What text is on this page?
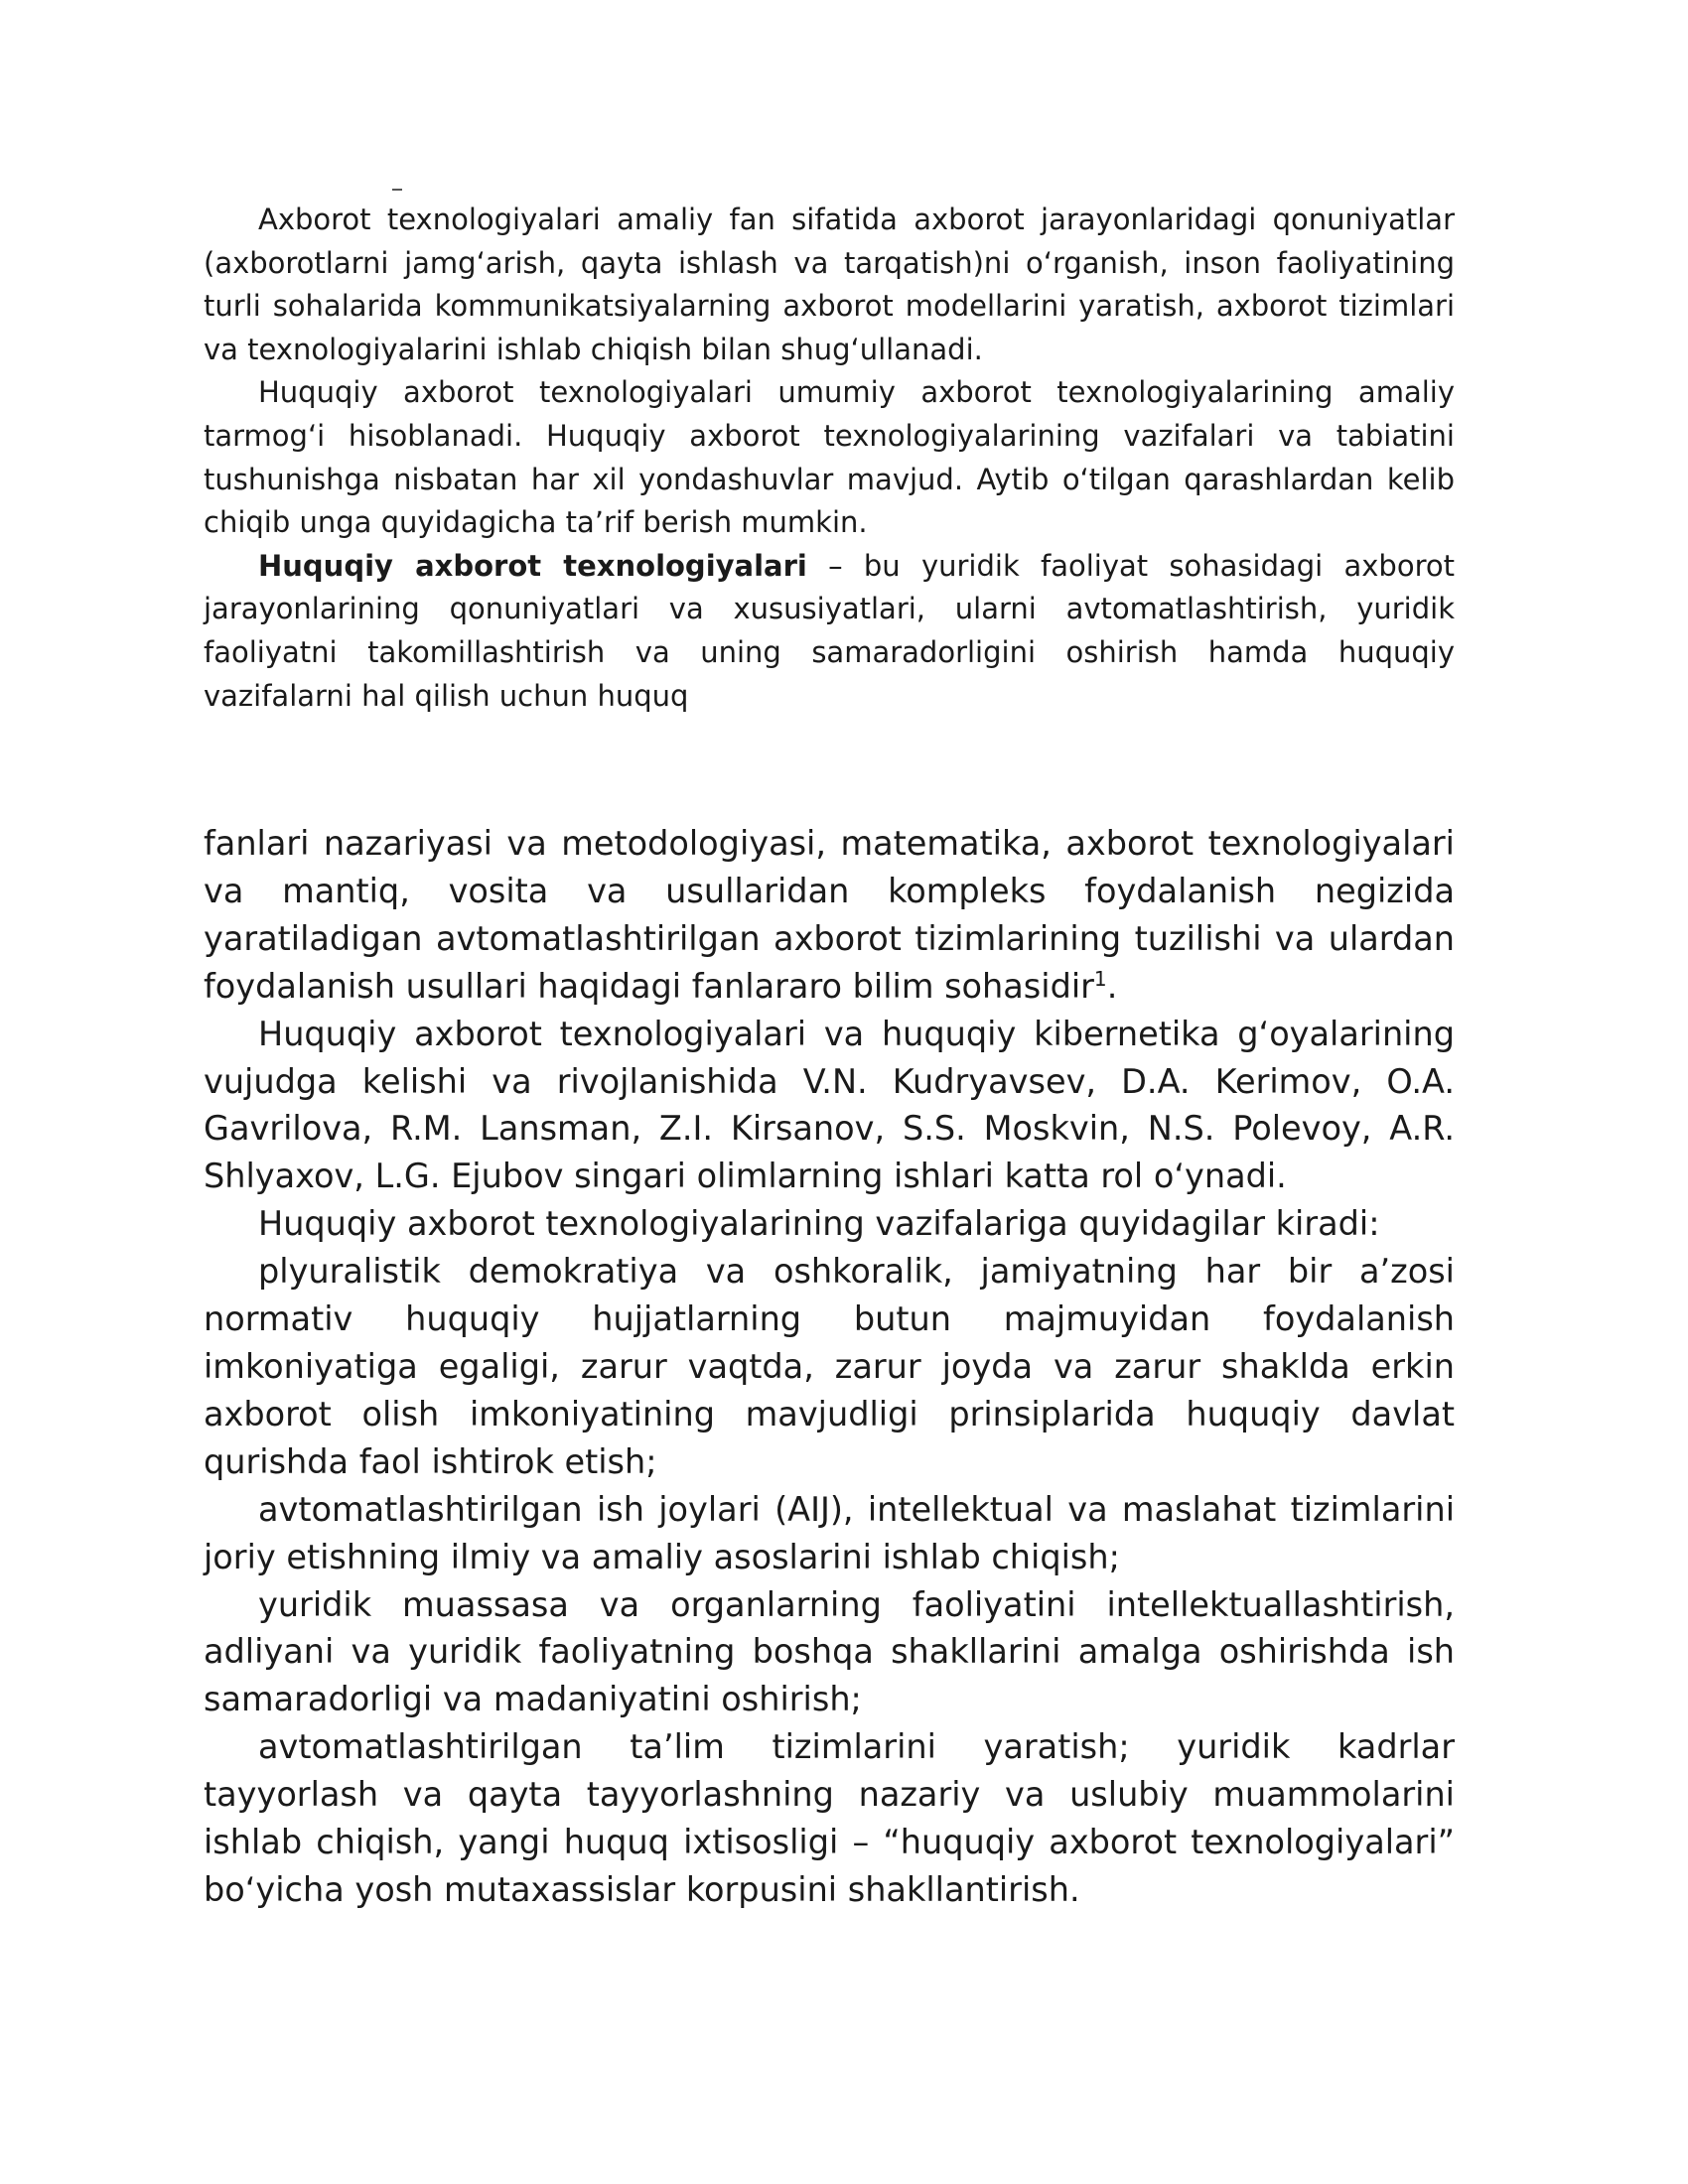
Axborot texnologiyalari amaliy fan sifatida axborot jarayonlaridagi qonuniyatlar (axborotlarni jamg‘arish, qayta ishlash va tarqatish)ni o‘rganish, inson faoliyatining turli sohalarida kommunikatsiyalarning axborot modellarini yaratish, axborot tizimlari va texnologiyalarini ishlab chiqish bilan shug‘ullanadi.

Huquqiy axborot texnologiyalari umumiy axborot texnologiyalarining amaliy tarmog‘i hisoblanadi. Huquqiy axborot texnologiyalarining vazifalari va tabiatini tushunishga nisbatan har xil yondashuvlar mavjud. Aytib o‘tilgan qarashlardan kelib chiqib unga quyidagicha ta’rif berish mumkin.

Huquqiy axborot texnologiyalari – bu yuridik faoliyat sohasidagi axborot jarayonlarining qonuniyatlari va xususiyatlari, ularni avtomatlashtirish, yuridik faoliyatni takomillashtirish va uning samaradorligini oshirish hamda huquqiy vazifalarni hal qilish uchun huquq

fanlari nazariyasi va metodologiyasi, matematika, axborot texnologiyalari va mantiq, vosita va usullaridan kompleks foydalanish negizida yaratiladigan avtomatlashtirilgan axborot tizimlarining tuzilishi va ulardan foydalanish usullari haqidagi fanlararo bilim sohasidir$^1$.

Huquqiy axborot texnologiyalari va huquqiy kibernetika g‘oyalarining vujudga kelishi va rivojlanishida V.N. Kudryavsev, D.A. Kerimov, O.A. Gavrilova, R.M. Lansman, Z.I. Kirsanov, S.S. Moskvin, N.S. Polevoy, A.R. Shlyaxov, L.G. Ejubov singari olimlarning ishlari katta rol o‘ynadi.

Huquqiy axborot texnologiyalarining vazifalariga quyidagilar kiradi:

plyuralistik demokratiya va oshkoralik, jamiyatning har bir a’zosi normativ huquqiy hujjatlarning butun majmuyidan foydalanish imkoniyatiga egaligi, zarur vaqtda, zarur joyda va zarur shaklda erkin axborot olish imkoniyatining mavjudligi prinsiplarida huquqiy davlat qurishda faol ishtirok etish;

avtomatlashtirilgan ish joylari (AIJ), intellektual va maslahat tizimlarini joriy etishning ilmiy va amaliy asoslarini ishlab chiqish;

yuridik muassasa va organlarning faoliyatini intellektuallashtirish, adliyani va yuridik faoliyatning boshqa shakllarini amalga oshirishda ish samaradorligi va madaniyatini oshirish;

avtomatlashtirilgan ta’lim tizimlarini yaratish; yuridik kadrlar tayyorlash va qayta tayyorlashning nazariy va uslubiy muammolarini ishlab chiqish, yangi huquq ixtisosligi – “huquqiy axborot texnologiyalari” bo‘yicha yosh mutaxassislar korpusini shakllantirish.
